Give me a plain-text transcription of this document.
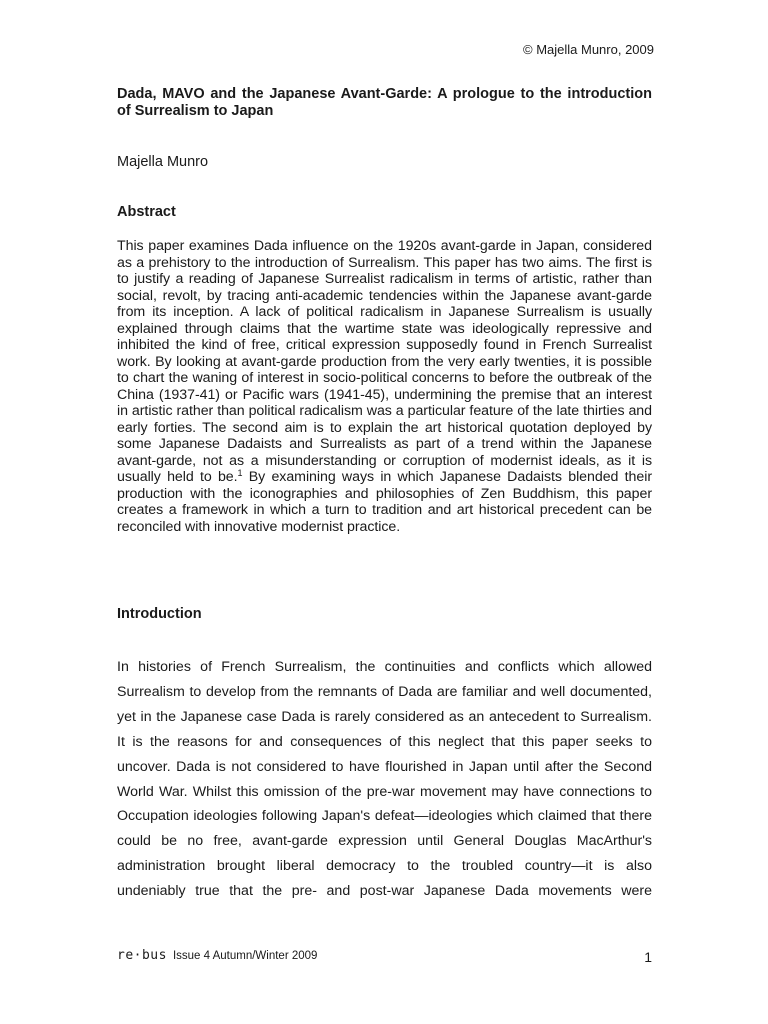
© Majella Munro, 2009
Dada, MAVO and the Japanese Avant-Garde: A prologue to the introduction of Surrealism to Japan
Majella Munro
Abstract

This paper examines Dada influence on the 1920s avant-garde in Japan, considered as a prehistory to the introduction of Surrealism. This paper has two aims. The first is to justify a reading of Japanese Surrealist radicalism in terms of artistic, rather than social, revolt, by tracing anti-academic tendencies within the Japanese avant-garde from its inception. A lack of political radicalism in Japanese Surrealism is usually explained through claims that the wartime state was ideologically repressive and inhibited the kind of free, critical expression supposedly found in French Surrealist work. By looking at avant-garde production from the very early twenties, it is possible to chart the waning of interest in socio-political concerns to before the outbreak of the China (1937-41) or Pacific wars (1941-45), undermining the premise that an interest in artistic rather than political radicalism was a particular feature of the late thirties and early forties. The second aim is to explain the art historical quotation deployed by some Japanese Dadaists and Surrealists as part of a trend within the Japanese avant-garde, not as a misunderstanding or corruption of modernist ideals, as it is usually held to be.$^1$ By examining ways in which Japanese Dadaists blended their production with the iconographies and philosophies of Zen Buddhism, this paper creates a framework in which a turn to tradition and art historical precedent can be reconciled with innovative modernist practice.

Introduction

In histories of French Surrealism, the continuities and conflicts which allowed Surrealism to develop from the remnants of Dada are familiar and well documented, yet in the Japanese case Dada is rarely considered as an antecedent to Surrealism. It is the reasons for and consequences of this neglect that this paper seeks to uncover. Dada is not considered to have flourished in Japan until after the Second World War. Whilst this omission of the pre-war movement may have connections to Occupation ideologies following Japan's defeat—ideologies which claimed that there could be no free, avant-garde expression until General Douglas MacArthur's administration brought liberal democracy to the troubled country—it is also undeniably true that the pre- and post-war Japanese Dada movements were

re·bus Issue 4 Autumn/Winter 2009	1
